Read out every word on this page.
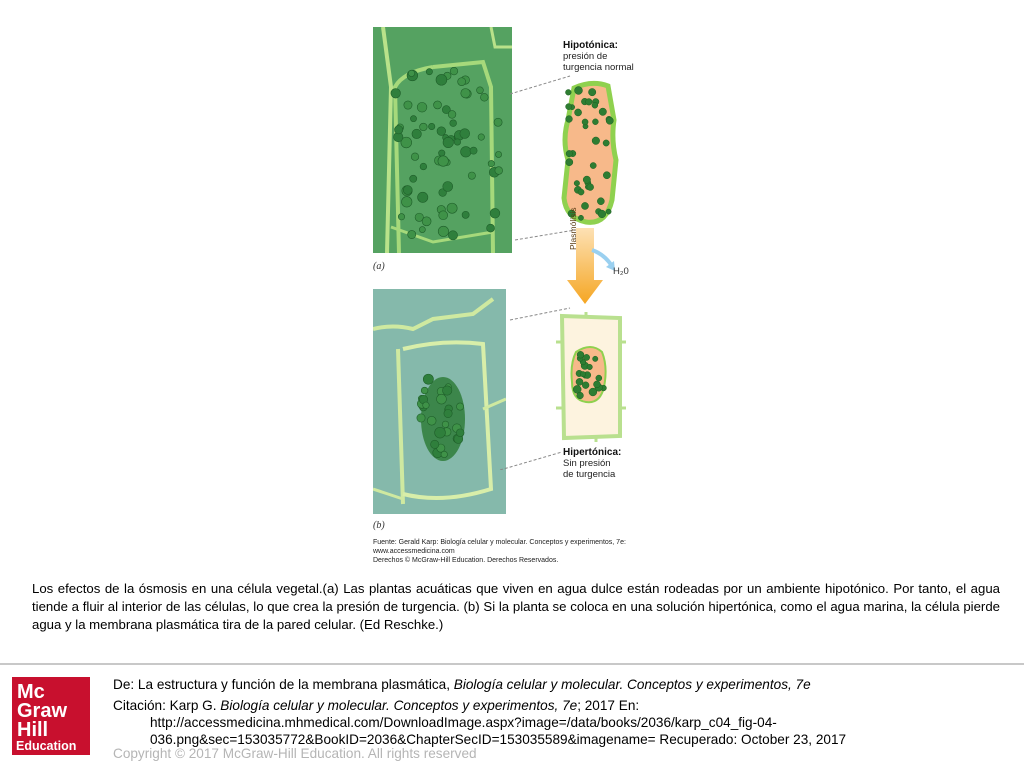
(a)
(b)
Plasmólisis
H₂0
Hipotónica:
presión de
turgencia normal
Hipertónica:
Sin presión
de turgencia
Fuente: Gerald Karp: Biología celular y molecular. Conceptos y experimentos, 7e:
www.accessmedicina.com
Derechos © McGraw-Hill Education. Derechos Reservados.
Los efectos de la ósmosis en una célula vegetal.(a) Las plantas acuáticas que viven en agua dulce están rodeadas por un ambiente hipotónico. Por tanto, el agua tiende a fluir al interior de las células, lo que crea la presión de turgencia. (b) Si la planta se coloca en una solución hipertónica, como el agua marina, la célula pierde agua y la membrana plasmática tira de la pared celular. (Ed Reschke.)
Mc
Graw
Hill
Education
De: La estructura y función de la membrana plasmática, Biología celular y molecular. Conceptos y experimentos, 7e
Citación: Karp G. Biología celular y molecular. Conceptos y experimentos, 7e; 2017 En:
http://accessmedicina.mhmedical.com/DownloadImage.aspx?image=/data/books/2036/karp_c04_fig-04-
036.png&sec=153035772&BookID=2036&ChapterSecID=153035589&imagename= Recuperado: October 23, 2017
Copyright © 2017 McGraw-Hill Education. All rights reserved
